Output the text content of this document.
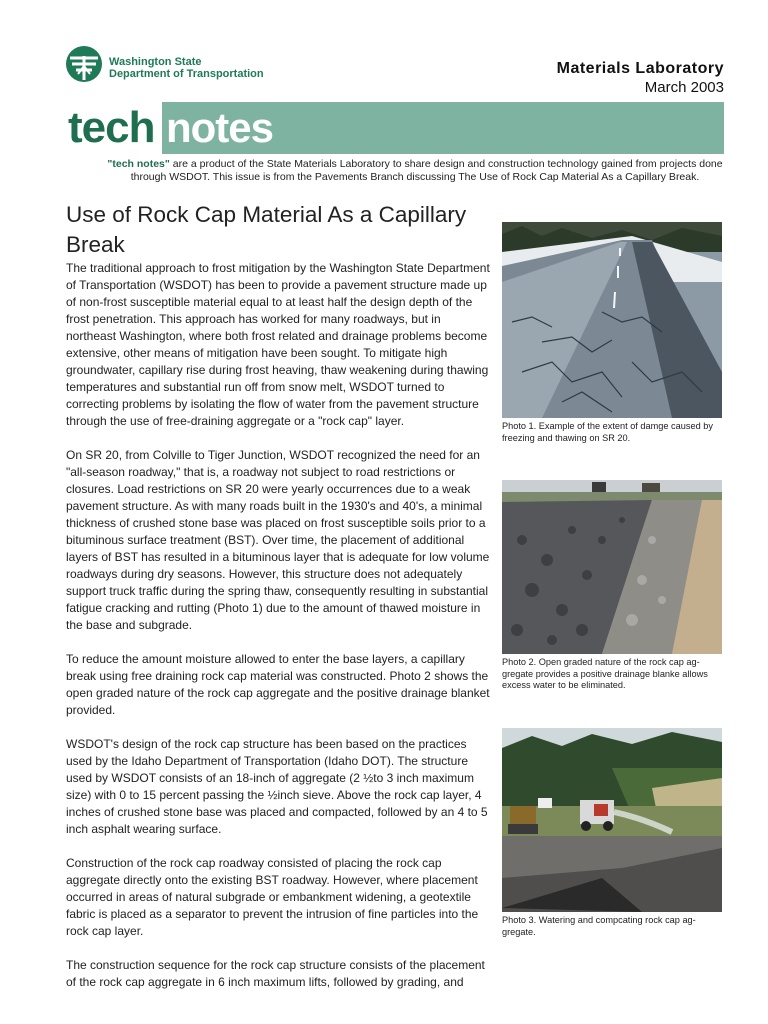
Washington State
Department of Transportation	Materials Laboratory
March 2003
tech notes
"tech notes" are a product of the State Materials Laboratory to share design and construction technology gained from projects done through WSDOT. This issue is from the Pavements Branch discussing The Use of Rock Cap Material As a Capillary Break.
Use of Rock Cap Material As a Capillary Break

The traditional approach to frost mitigation by the Washington State Department of Transportation (WSDOT) has been to provide a pavement structure made up of non-frost susceptible material equal to at least half the design depth of the frost penetration. This approach has worked for many roadways, but in northeast Washington, where both frost related and drainage problems become extensive, other means of mitigation have been sought. To mitigate high groundwater, capillary rise during frost heaving, thaw weakening during thawing temperatures and substantial run off from snow melt, WSDOT turned to correcting problems by isolating the flow of water from the pavement structure through the use of free-draining aggregate or a "rock cap" layer.

On SR 20, from Colville to Tiger Junction, WSDOT recognized the need for an "all-season roadway," that is, a roadway not subject to road restrictions or closures. Load restrictions on SR 20 were yearly occurrences due to a weak pavement structure. As with many roads built in the 1930's and 40's, a minimal thickness of crushed stone base was placed on frost susceptible soils prior to a bituminous surface treatment (BST). Over time, the placement of additional layers of BST has resulted in a bituminous layer that is adequate for low volume roadways during dry seasons. However, this structure does not adequately support truck traffic during the spring thaw, consequently resulting in substantial fatigue cracking and rutting (Photo 1) due to the amount of thawed moisture in the base and subgrade.

To reduce the amount moisture allowed to enter the base layers, a capillary break using free draining rock cap material was constructed. Photo 2 shows the open graded nature of the rock cap aggregate and the positive drainage blanket provided.

WSDOT's design of the rock cap structure has been based on the practices used by the Idaho Department of Transportation (Idaho DOT). The structure used by WSDOT consists of an 18-inch of aggregate (2 ½to 3 inch maximum size) with 0 to 15 percent passing the ½inch sieve. Above the rock cap layer, 4 inches of crushed stone base was placed and compacted, followed by an 4 to 5 inch asphalt wearing surface.

Construction of the rock cap roadway consisted of placing the rock cap aggregate directly onto the existing BST roadway. However, where placement occurred in areas of natural subgrade or embankment widening, a geotextile fabric is placed as a separator to prevent the intrusion of fine particles into the rock cap layer.

The construction sequence for the rock cap structure consists of the placement of the rock cap aggregate in 6 inch maximum lifts, followed by grading, and

Photo 1. Example of the extent of damge caused by freezing and thawing on SR 20.
Photo 2. Open graded nature of the rock cap ag-gregate provides a positive drainage blanke allows excess water to be eliminated.
Photo 3. Watering and compcating rock cap ag-gregate.
